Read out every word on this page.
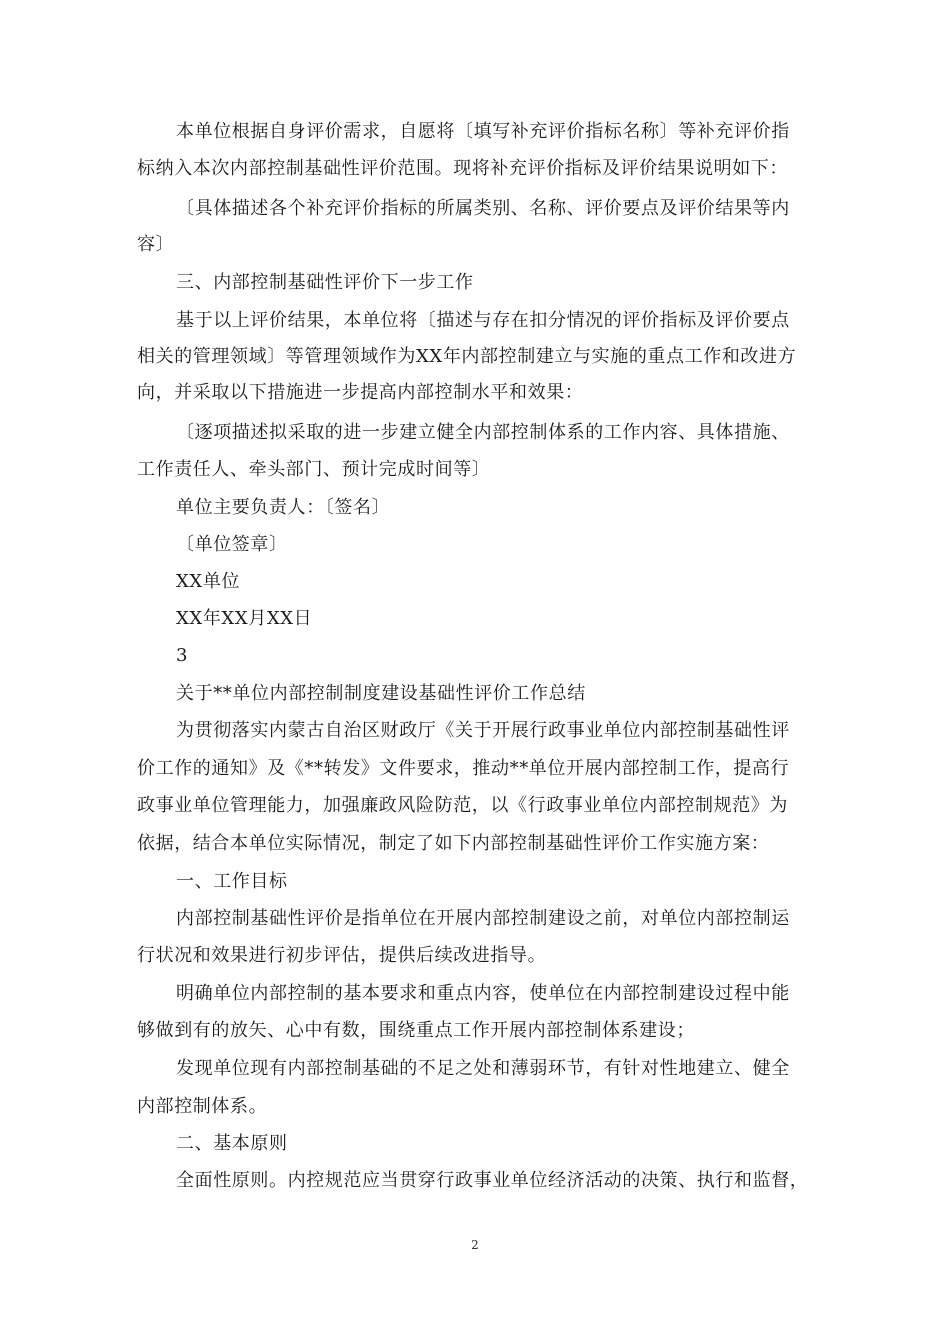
本单位根据自身评价需求，自愿将〔填写补充评价指标名称〕等补充评价指
标纳入本次内部控制基础性评价范围。现将补充评价指标及评价结果说明如下：
〔具体描述各个补充评价指标的所属类别、名称、评价要点及评价结果等内
容〕
三、内部控制基础性评价下一步工作
基于以上评价结果，本单位将〔描述与存在扣分情况的评价指标及评价要点
相关的管理领域〕等管理领域作为XX年内部控制建立与实施的重点工作和改进方
向，并采取以下措施进一步提高内部控制水平和效果：
〔逐项描述拟采取的进一步建立健全内部控制体系的工作内容、具体措施、
工作责任人、牵头部门、预计完成时间等〕
单位主要负责人：〔签名〕
〔单位签章〕
XX单位
XX年XX月XX日
3
关于**单位内部控制制度建设基础性评价工作总结
为贯彻落实内蒙古自治区财政厅《关于开展行政事业单位内部控制基础性评
价工作的通知》及《**转发》文件要求，推动**单位开展内部控制工作，提高行
政事业单位管理能力，加强廉政风险防范，以《行政事业单位内部控制规范》为
依据，结合本单位实际情况，制定了如下内部控制基础性评价工作实施方案：
一、工作目标
内部控制基础性评价是指单位在开展内部控制建设之前，对单位内部控制运
行状况和效果进行初步评估，提供后续改进指导。
明确单位内部控制的基本要求和重点内容，使单位在内部控制建设过程中能
够做到有的放矢、心中有数，围绕重点工作开展内部控制体系建设；
发现单位现有内部控制基础的不足之处和薄弱环节，有针对性地建立、健全
内部控制体系。
二、基本原则
全面性原则。内控规范应当贯穿行政事业单位经济活动的决策、执行和监督，
2
